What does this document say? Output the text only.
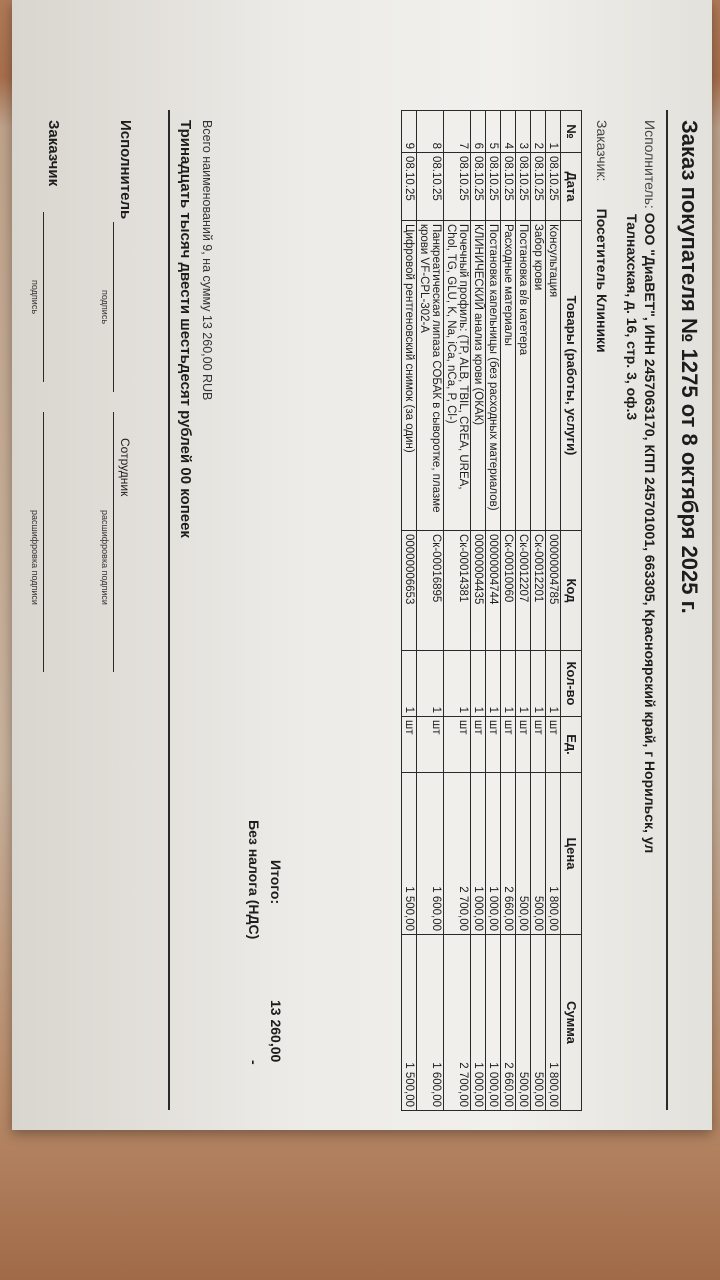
Заказ покупателя № 1275 от 8 октября 2025 г.
Исполнитель: ООО "ДиаВЕТ", ИНН 2457063170, КПП 245701001, 663305, Красноярский край, г Норильск, ул
Талнахская, д. 16, стр. 3, оф.3
Заказчик:       Посетитель Клиники
№	Дата	Товары (работы, услуги)	Код	Кол-во	Ед.	Цена	Сумма
1	08.10.25	Консультация	00000004785	1	шт	1 800,00	1 800,00
2	08.10.25	Забор крови	Ск-00012201	1	шт	500,00	500,00
3	08.10.25	Постановка в/в катетера	Ск-00012207	1	шт	500,00	500,00
4	08.10.25	Расходные материалы	Ск-00010060	1	шт	2 660,00	2 660,00
5	08.10.25	Постановка капельницы (без расходных материалов)	00000004744	1	шт	1 000,00	1 000,00
6	08.10.25	КЛИНИЧЕСКИЙ анализ крови (ОКАК)	00000004435	1	шт	1 000,00	1 000,00
7	08.10.25	Почечный профиль: (TP, ALB, TBIL, CREA, UREA,
Chol, TG, GLU, K, Na, iCa, nCa, P, Cl-)	Ск-00014381	1	шт	2 700,00	2 700,00
8	08.10.25	Панкреатическая липаза СОБАК в сыворотке, плазме
крови VF-CPL-302-A	Ск-00016895	1	шт	1 600,00	1 600,00
9	08.10.25	Цифровой рентгеновский снимок (за один)	00000006653	1	шт	1 500,00	1 500,00
Итого:
13 260,00
Без налога (НДС)
-
Всего наименований 9, на сумму 13 260,00 RUB
Тринадцать тысяч двести шестьдесят рублей 00 копеек
Исполнитель
подпись
Сотрудник
расшифровка подписи
Заказчик
подпись
расшифровка подписи
